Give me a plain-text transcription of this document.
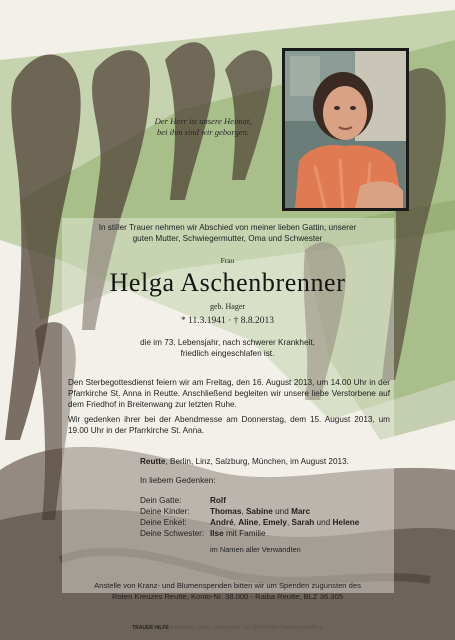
Der Herr ist unsere Heimat,
bei ihm sind wir geborgen.
In stiller Trauer nehmen wir Abschied von meiner lieben Gattin, unserer
guten Mutter, Schwiegermutter, Oma und Schwester
Frau
Helga Aschenbrenner
geb. Hager
* 11.3.1941 · † 8.8.2013
die im 73. Lebensjahr, nach schwerer Krankheit,
friedlich eingeschlafen ist.
Den Sterbegottesdienst feiern wir am Freitag, den 16. August 2013, um 14.00 Uhr in der Pfarrkirche St. Anna in Reutte. Anschließend begleiten wir unsere liebe Verstorbene auf dem Friedhof in Breitenwang zur letzten Ruhe.
Wir gedenken ihrer bei der Abendmesse am Donnerstag, dem 15. August 2013, um 19.00 Uhr in der Pfarrkirche St. Anna.
Reutte, Berlin, Linz, Salzburg, München, im August 2013.
In liebem Gedenken:
Dein Gatte:	Rolf
Deine Kinder: Thomas, Sabine und Marc
Deine Enkel:	André, Aline, Emely, Sarah und Helene
Deine Schwester: Ilse mit Familie
im Namen aller Verwandten
Anstelle von Kranz- und Blumenspenden bitten wir um Spenden zugunsten des
Roten Kreuzes Reutte, Konto-Nr. 38.000 - Raiba Reutte, BLZ 36.305
TRAUER HILFE Bestattung Lengle, Lechaschau, Tel. 05672-62577 www.trauerhilfe.at
